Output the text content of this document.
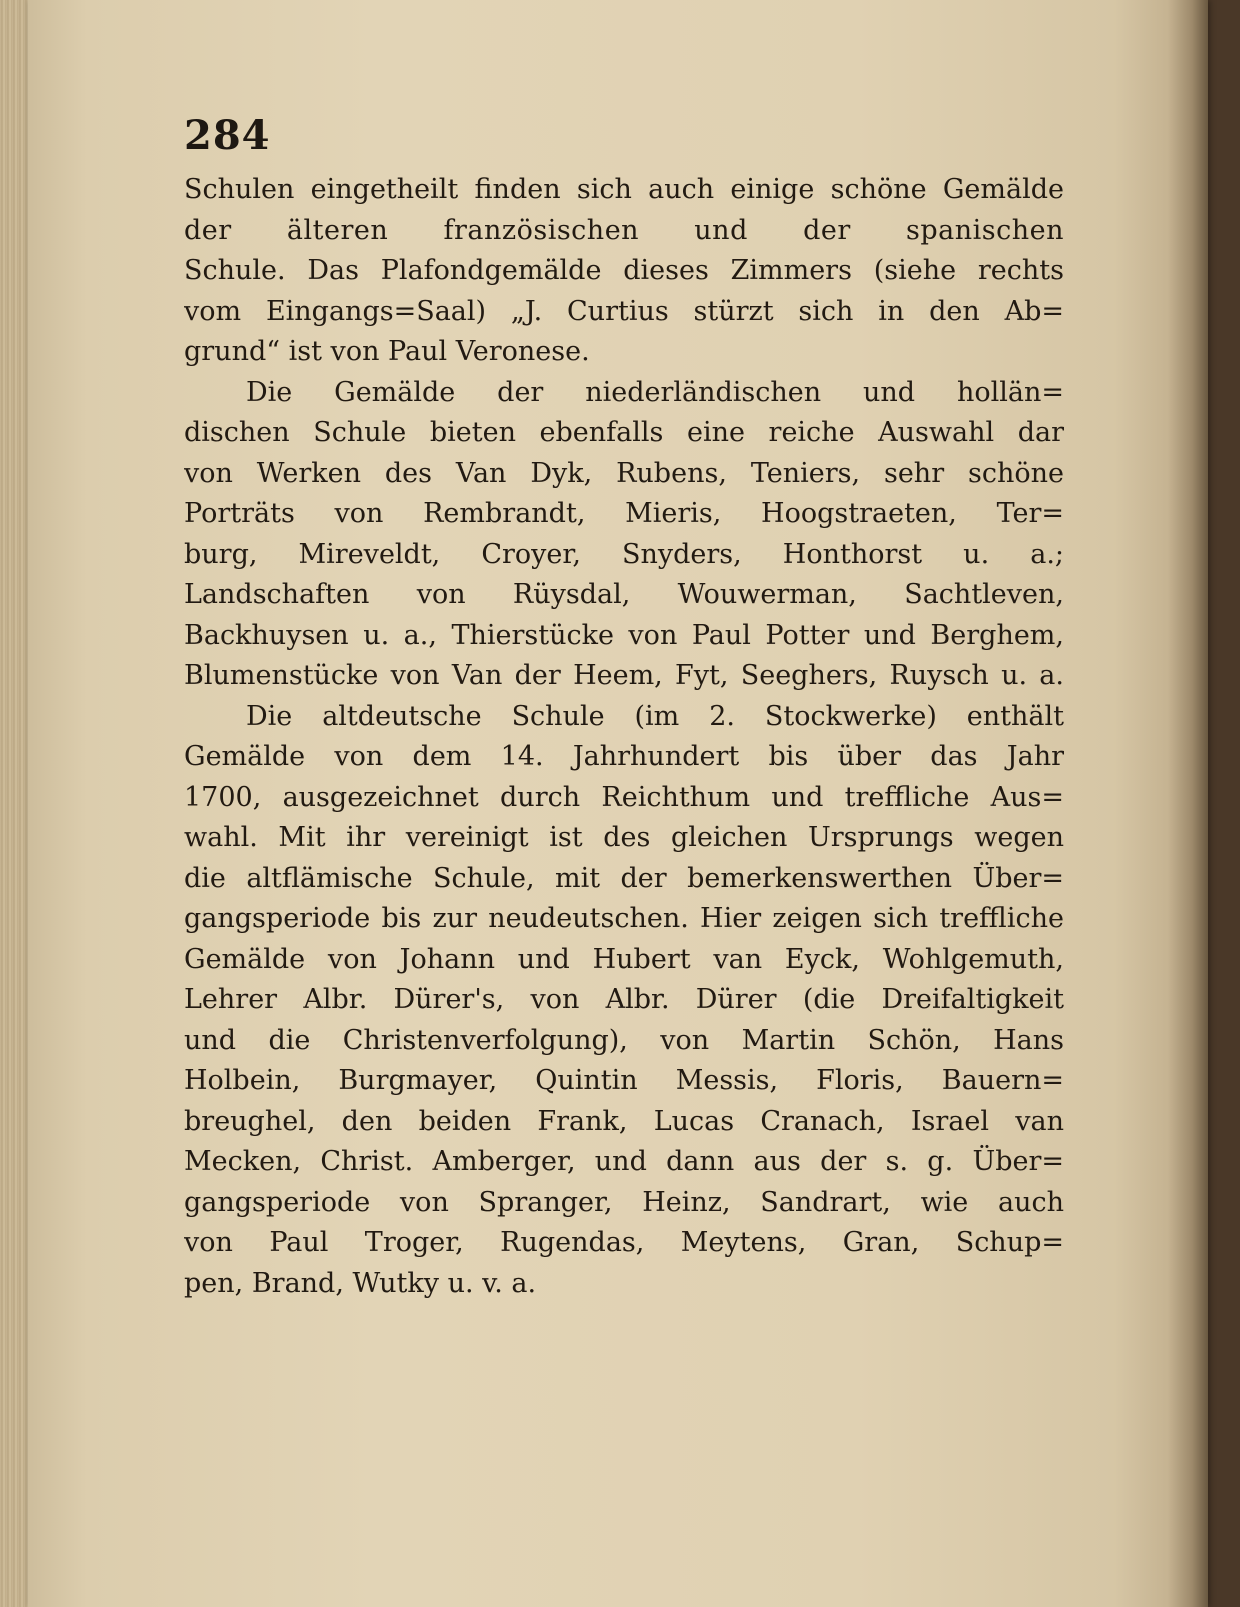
284
Schulen eingetheilt finden sich auch einige schöne Gemälde
der älteren französischen und der spanischen
Schule. Das Plafondgemälde dieses Zimmers (siehe rechts
vom Eingangs=Saal) „J. Curtius stürzt sich in den Ab=
grund“ ist von Paul Veronese.
Die Gemälde der niederländischen und hollän=
dischen Schule bieten ebenfalls eine reiche Auswahl dar
von Werken des Van Dyk, Rubens, Teniers, sehr schöne
Porträts von Rembrandt, Mieris, Hoogstraeten, Ter=
burg, Mireveldt, Croyer, Snyders, Honthorst u. a.;
Landschaften von Rüysdal, Wouwerman, Sachtleven,
Backhuysen u. a., Thierstücke von Paul Potter und Berghem,
Blumenstücke von Van der Heem, Fyt, Seeghers, Ruysch u. a.
Die altdeutsche Schule (im 2. Stockwerke) enthält
Gemälde von dem 14. Jahrhundert bis über das Jahr
1700, ausgezeichnet durch Reichthum und treffliche Aus=
wahl. Mit ihr vereinigt ist des gleichen Ursprungs wegen
die altflämische Schule, mit der bemerkenswerthen Über=
gangsperiode bis zur neudeutschen. Hier zeigen sich treffliche
Gemälde von Johann und Hubert van Eyck, Wohlgemuth,
Lehrer Albr. Dürer's, von Albr. Dürer (die Dreifaltigkeit
und die Christenverfolgung), von Martin Schön, Hans
Holbein, Burgmayer, Quintin Messis, Floris, Bauern=
breughel, den beiden Frank, Lucas Cranach, Israel van
Mecken, Christ. Amberger, und dann aus der s. g. Über=
gangsperiode von Spranger, Heinz, Sandrart, wie auch
von Paul Troger, Rugendas, Meytens, Gran, Schup=
pen, Brand, Wutky u. v. a.
